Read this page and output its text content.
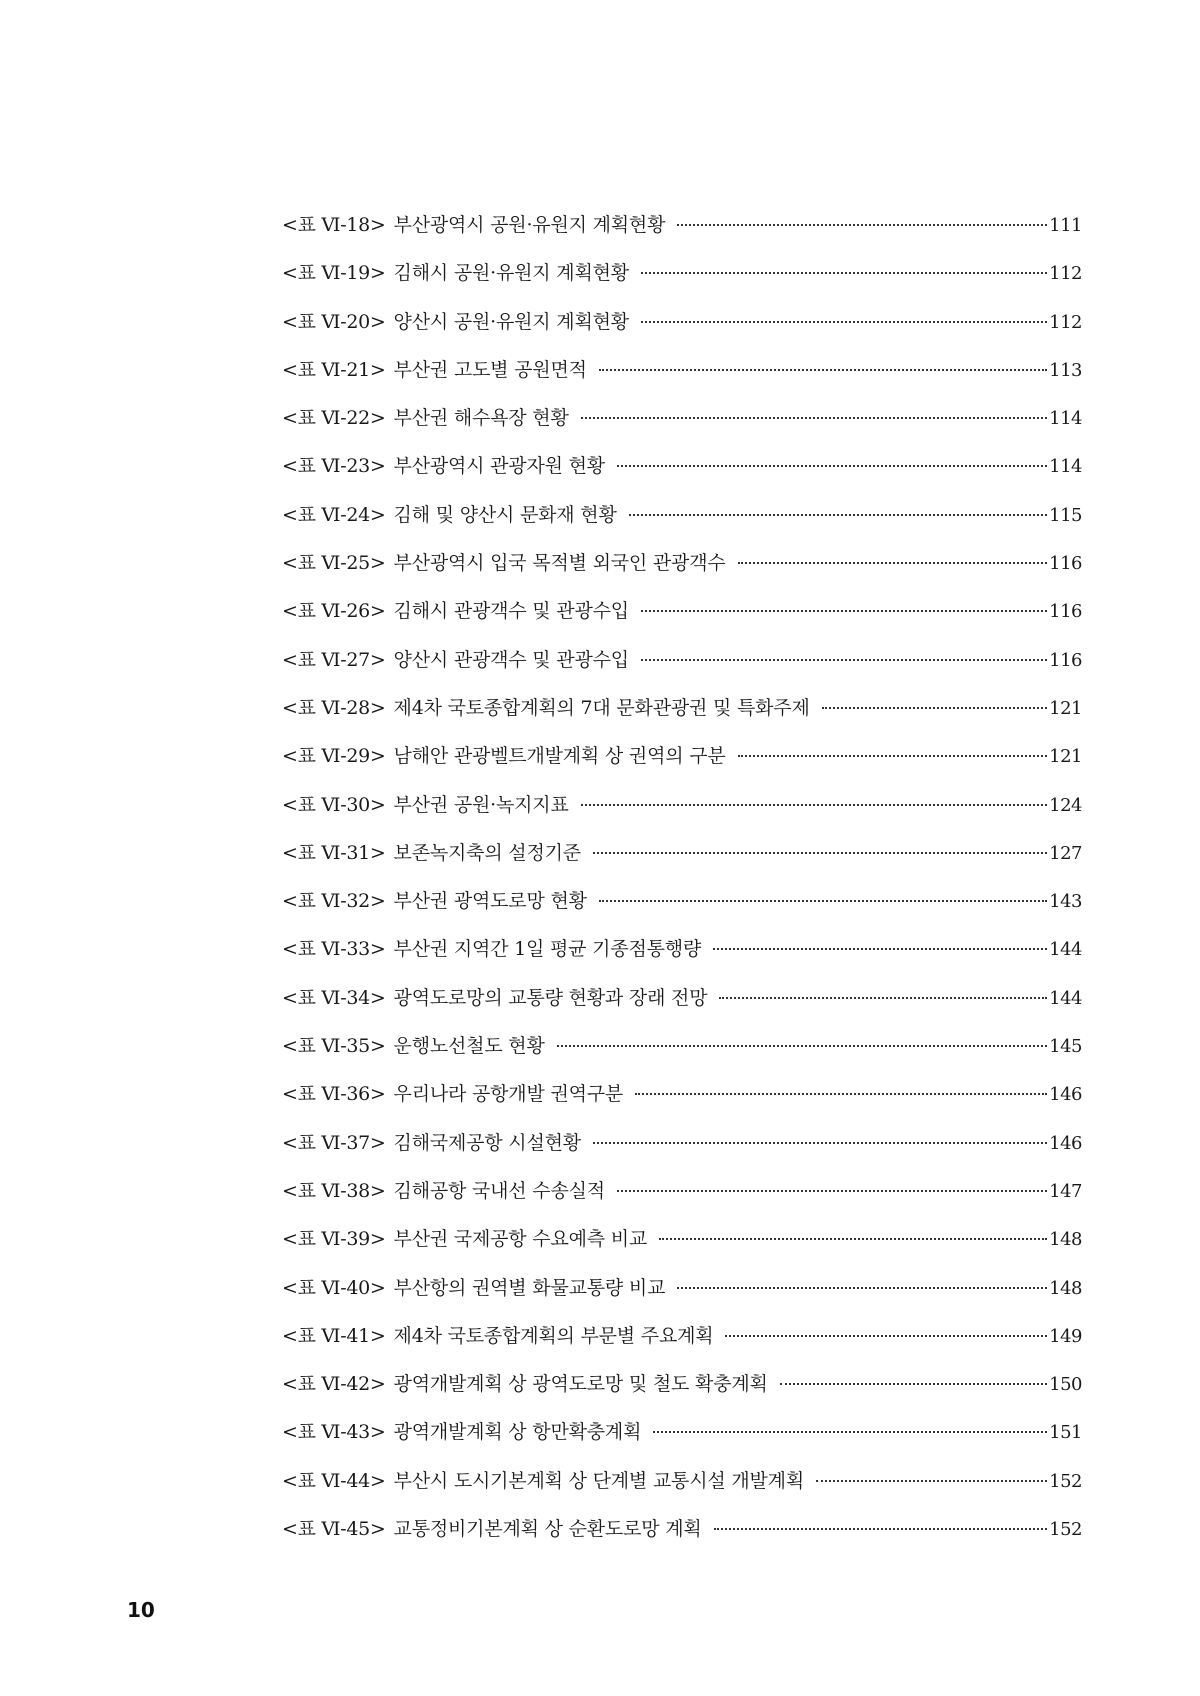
<표 Ⅵ-18> 부산광역시 공원·유원지 계획현황	111
<표 Ⅵ-19> 김해시 공원·유원지 계획현황	112
<표 Ⅵ-20> 양산시 공원·유원지 계획현황	112
<표 Ⅵ-21> 부산권 고도별 공원면적	113
<표 Ⅵ-22> 부산권 해수욕장 현황	114
<표 Ⅵ-23> 부산광역시 관광자원 현황	114
<표 Ⅵ-24> 김해 및 양산시 문화재 현황	115
<표 Ⅵ-25> 부산광역시 입국 목적별 외국인 관광객수	116
<표 Ⅵ-26> 김해시 관광객수 및 관광수입	116
<표 Ⅵ-27> 양산시 관광객수 및 관광수입	116
<표 Ⅵ-28> 제4차 국토종합계획의 7대 문화관광권 및 특화주제	121
<표 Ⅵ-29> 남해안 관광벨트개발계획 상 권역의 구분	121
<표 Ⅵ-30> 부산권 공원·녹지지표	124
<표 Ⅵ-31> 보존녹지축의 설정기준	127
<표 Ⅵ-32> 부산권 광역도로망 현황	143
<표 Ⅵ-33> 부산권 지역간 1일 평균 기종점통행량	144
<표 Ⅵ-34> 광역도로망의 교통량 현황과 장래 전망	144
<표 Ⅵ-35> 운행노선철도 현황	145
<표 Ⅵ-36> 우리나라 공항개발 권역구분	146
<표 Ⅵ-37> 김해국제공항 시설현황	146
<표 Ⅵ-38> 김해공항 국내선 수송실적	147
<표 Ⅵ-39> 부산권 국제공항 수요예측 비교	148
<표 Ⅵ-40> 부산항의 권역별 화물교통량 비교	148
<표 Ⅵ-41> 제4차 국토종합계획의 부문별 주요계획	149
<표 Ⅵ-42> 광역개발계획 상 광역도로망 및 철도 확충계획	150
<표 Ⅵ-43> 광역개발계획 상 항만확충계획	151
<표 Ⅵ-44> 부산시 도시기본계획 상 단계별 교통시설 개발계획	152
<표 Ⅵ-45> 교통정비기본계획 상 순환도로망 계획	152
10
